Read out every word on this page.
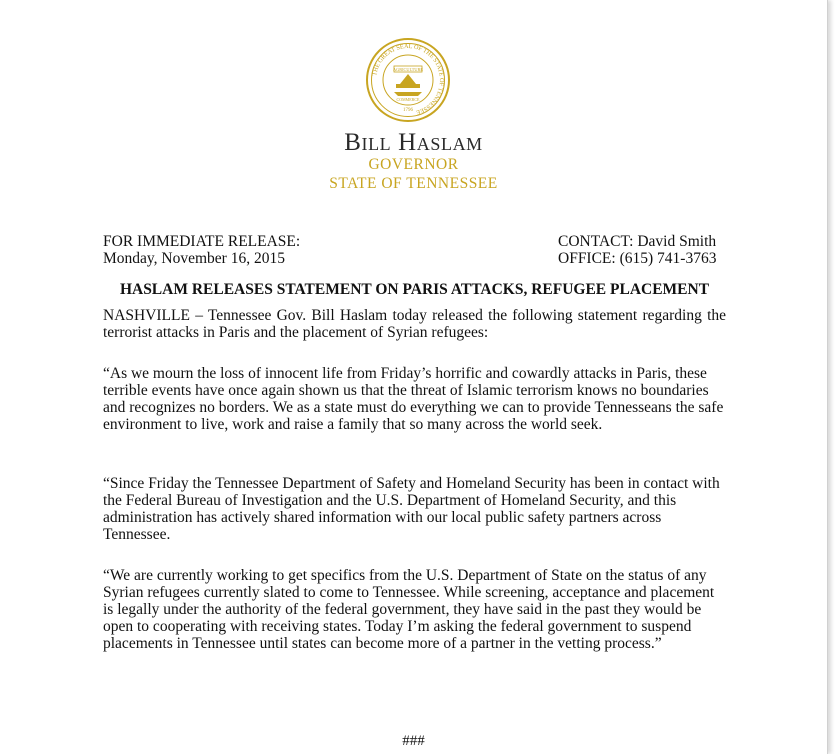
THE GREAT SEAL OF THE STATE OF TENNESSEE
AGRICULTURE
COMMERCE
1796
Bill Haslam
GOVERNOR
STATE OF TENNESSEE
FOR IMMEDIATE RELEASE:
Monday, November 16, 2015
CONTACT: David Smith
OFFICE: (615) 741-3763
HASLAM RELEASES STATEMENT ON PARIS ATTACKS, REFUGEE PLACEMENT

NASHVILLE – Tennessee Gov. Bill Haslam today released the following statement regarding the terrorist attacks in Paris and the placement of Syrian refugees:

“As we mourn the loss of innocent life from Friday’s horrific and cowardly attacks in Paris, these terrible events have once again shown us that the threat of Islamic terrorism knows no boundaries and recognizes no borders. We as a state must do everything we can to provide Tennesseans the safe environment to live, work and raise a family that so many across the world seek.

“Since Friday the Tennessee Department of Safety and Homeland Security has been in contact with the Federal Bureau of Investigation and the U.S. Department of Homeland Security, and this administration has actively shared information with our local public safety partners across Tennessee.

“We are currently working to get specifics from the U.S. Department of State on the status of any Syrian refugees currently slated to come to Tennessee. While screening, acceptance and placement is legally under the authority of the federal government, they have said in the past they would be open to cooperating with receiving states. Today I’m asking the federal government to suspend placements in Tennessee until states can become more of a partner in the vetting process.”

###
